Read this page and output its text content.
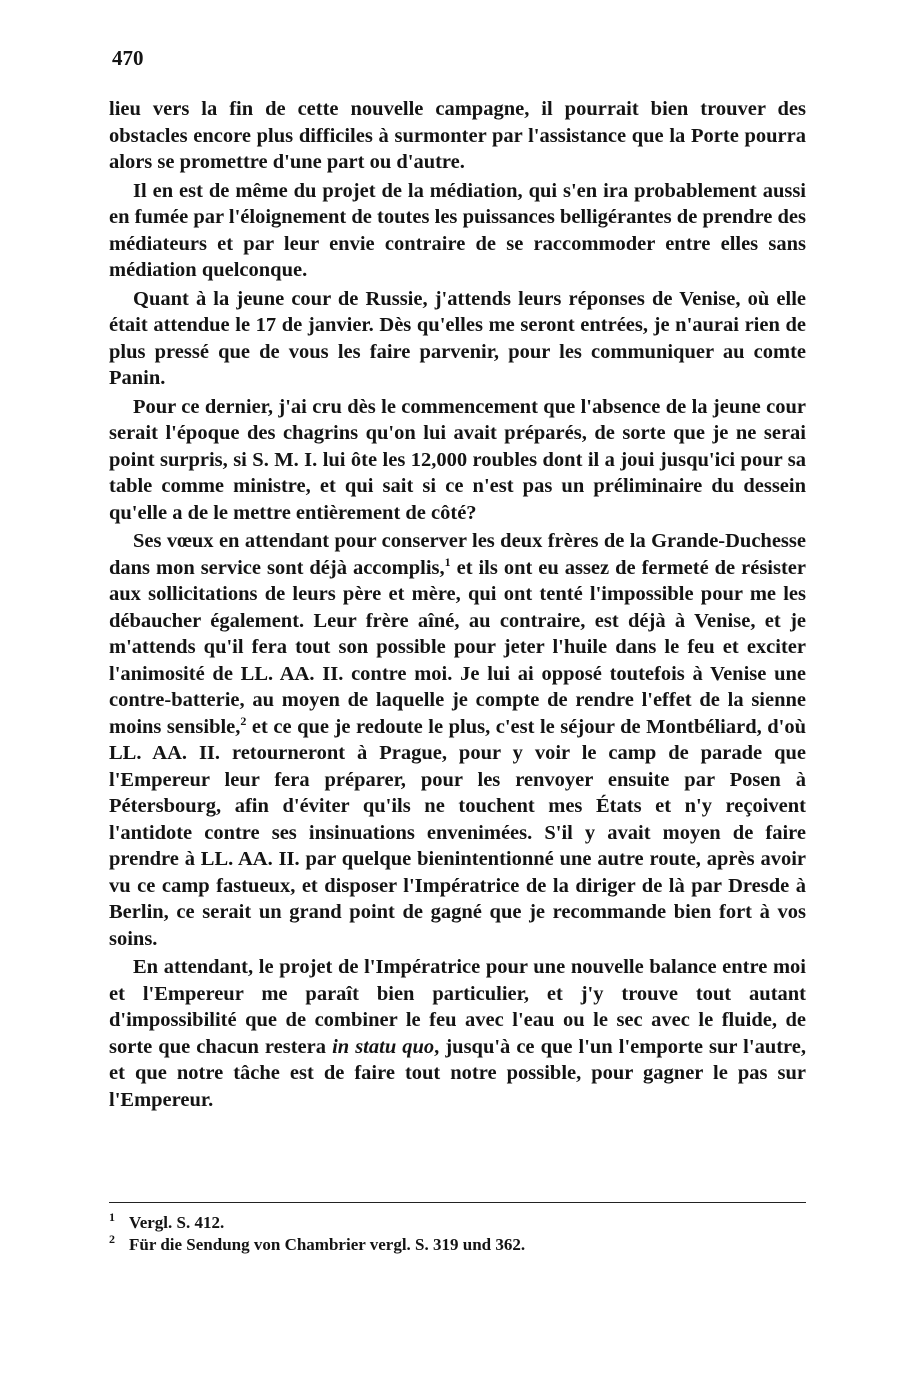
470

lieu vers la fin de cette nouvelle campagne, il pourrait bien trouver des obstacles encore plus difficiles à surmonter par l'assistance que la Porte pourra alors se promettre d'une part ou d'autre.

Il en est de même du projet de la médiation, qui s'en ira probablement aussi en fumée par l'éloignement de toutes les puissances belligérantes de prendre des médiateurs et par leur envie contraire de se raccommoder entre elles sans médiation quelconque.

Quant à la jeune cour de Russie, j'attends leurs réponses de Venise, où elle était attendue le 17 de janvier. Dès qu'elles me seront entrées, je n'aurai rien de plus pressé que de vous les faire parvenir, pour les communiquer au comte Panin.

Pour ce dernier, j'ai cru dès le commencement que l'absence de la jeune cour serait l'époque des chagrins qu'on lui avait préparés, de sorte que je ne serai point surpris, si S. M. I. lui ôte les 12,000 roubles dont il a joui jusqu'ici pour sa table comme ministre, et qui sait si ce n'est pas un préliminaire du dessein qu'elle a de le mettre entièrement de côté?

Ses vœux en attendant pour conserver les deux frères de la Grande-Duchesse dans mon service sont déjà accomplis,$^1$ et ils ont eu assez de fermeté de résister aux sollicitations de leurs père et mère, qui ont tenté l'impossible pour me les débaucher également. Leur frère aîné, au contraire, est déjà à Venise, et je m'attends qu'il fera tout son possible pour jeter l'huile dans le feu et exciter l'animosité de LL. AA. II. contre moi. Je lui ai opposé toutefois à Venise une contre-batterie, au moyen de laquelle je compte de rendre l'effet de la sienne moins sensible,$^2$ et ce que je redoute le plus, c'est le séjour de Montbéliard, d'où LL. AA. II. retourneront à Prague, pour y voir le camp de parade que l'Empereur leur fera préparer, pour les renvoyer ensuite par Posen à Pétersbourg, afin d'éviter qu'ils ne touchent mes États et n'y reçoivent l'antidote contre ses insinuations envenimées. S'il y avait moyen de faire prendre à LL. AA. II. par quelque bienintentionné une autre route, après avoir vu ce camp fastueux, et disposer l'Impératrice de la diriger de là par Dresde à Berlin, ce serait un grand point de gagné que je recommande bien fort à vos soins.

En attendant, le projet de l'Impératrice pour une nouvelle balance entre moi et l'Empereur me paraît bien particulier, et j'y trouve tout autant d'impossibilité que de combiner le feu avec l'eau ou le sec avec le fluide, de sorte que chacun restera in statu quo, jusqu'à ce que l'un l'emporte sur l'autre, et que notre tâche est de faire tout notre possible, pour gagner le pas sur l'Empereur.

1 Vergl. S. 412.

2 Für die Sendung von Chambrier vergl. S. 319 und 362.
